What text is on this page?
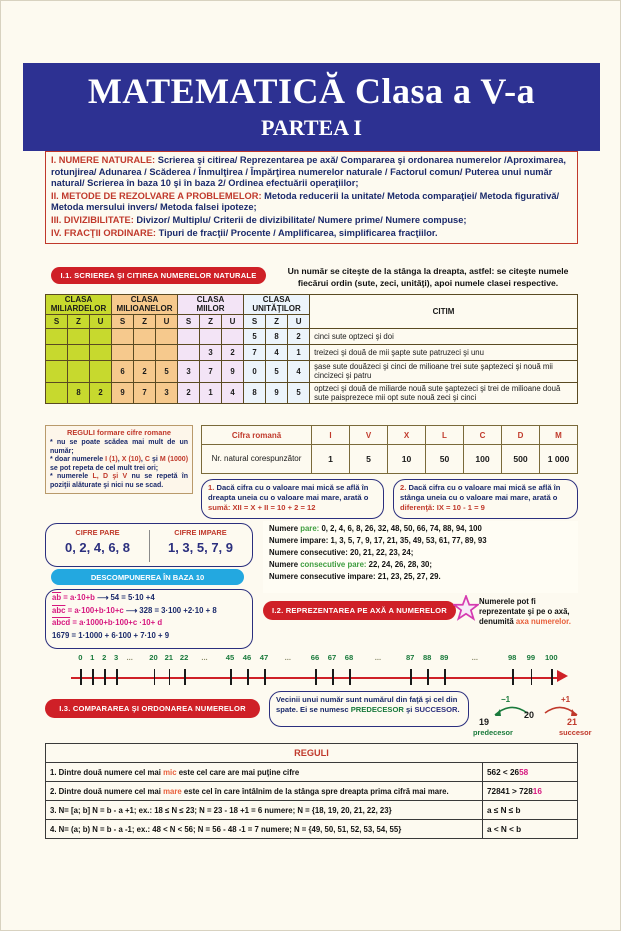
MATEMATICĂ Clasa a V-a
PARTEA I

I. NUMERE NATURALE: Scrierea şi citirea/ Reprezentarea pe axă/ Compararea şi ordonarea numerelor /Aproximarea, rotunjirea/ Adunarea / Scăderea / Înmulţirea / Împărţirea numerelor naturale / Factorul comun/ Puterea unui număr natural/ Scrierea în baza 10 şi în baza 2/ Ordinea efectuării operaţiilor;

II. METODE DE REZOLVARE A PROBLEMELOR: Metoda reducerii la unitate/ Metoda comparaţiei/ Metoda figurativă/ Metoda mersului invers/ Metoda falsei ipoteze;

III. DIVIZIBILITATE: Divizor/ Multiplu/ Criterii de divizibilitate/ Numere prime/ Numere compuse;

IV. FRACŢII ORDINARE: Tipuri de fracţii/ Procente / Amplificarea, simplificarea fracţiilor.

I.1. SCRIEREA ŞI CITIREA NUMERELOR NATURALE	Un număr se citeşte de la stânga la dreapta, astfel: se citeşte numele fiecărui ordin (sute, zeci, unităţi), apoi numele clasei respective.
CLASA
MILIARDELOR			CLASA
MILIOANELOR			CLASA
MIILOR			CLASA
UNITĂŢILOR			CITIM
S	Z	U	S	Z	U	S	Z	U	S	Z	U	
									5	8	2	cinci sute optzeci şi doi
							3	2	7	4	1	treizeci şi două de mii şapte sute patruzeci şi unu
			6	2	5	3	7	9	0	5	4	şase sute douăzeci şi cinci de milioane trei sute şaptezeci şi nouă mii cincizeci şi patru
	8	2	9	7	3	2	1	4	8	9	5	optzeci şi două de miliarde nouă sute şaptezeci şi trei de milioane două sute paisprezece mii opt sute nouă zeci şi cinci
REGULI formare cifre romane

* nu se poate scădea mai mult de un număr;

* doar numerele I (1), X (10), C şi M (1000) se pot repeta de cel mult trei ori;

* numerele L, D şi V nu se repetă în poziţii alăturate şi nici nu se scad.

Cifra romană	I	V	X	L	C	D	M
Nr. natural corespunzător	1	5	10	50	100	500	1 000
1. Dacă cifra cu o valoare mai mică se află în dreapta uneia cu o valoare mai mare, arată o sumă: XII = X + II = 10 + 2 = 12
2. Dacă cifra cu o valoare mai mică se află în stânga uneia cu o valoare mai mare, arată o diferenţă: IX = 10 - 1 = 9
CIFRE PARE
0, 2, 4, 6, 8
CIFRE IMPARE
1, 3, 5, 7, 9

Numere pare: 0, 2, 4, 6, 8, 26, 32, 48, 50, 66, 74, 88, 94, 100

Numere impare: 1, 3, 5, 7, 9, 17, 21, 35, 49, 53, 61, 77, 89, 93

Numere consecutive: 20, 21, 22, 23, 24;

Numere consecutive pare: 22, 24, 26, 28, 30;

Numere consecutive impare: 21, 23, 25, 27, 29.

DESCOMPUNEREA ÎN BAZA 10

$\overline{ab} = a\cdot 10+b$ ⟶ 54 = 5·10 +4

$\overline{abc} = a\cdot 100+b\cdot 10+c$ ⟶ 328 = 3·100 +2·10 + 8

abcd = a·1000+b·100+c ·10+ d

1679 = 1·1000 + 6·100 + 7·10 + 9

I.2. REPREZENTAREA PE AXĂ A NUMERELOR
Numerele pot fi reprezentate şi pe o axă, denumită axa numerelor.
0 1 2 3 ... 20 21 22 ... 45 46 47 ...	66 67 68	...	87 88 89	...	98 99 100
I.3. COMPARAREA ŞI ORDONAREA NUMERELOR
Vecinii unui număr sunt numărul din faţă şi cel din spate. Ei se numesc PREDECESOR şi SUCCESOR.
−1	+1
19
20
21
predecesor	succesor
REGULI	
1. Dintre două numere cel mai mic este cel care are mai puţine cifre	562 < 2658
2. Dintre două numere cel mai mare este cel în care întâlnim de la stânga spre dreapta prima cifră mai mare.	72841 > 72816
3. N= [a; b] N = b - a +1; ex.: 18 ≤ N ≤ 23; N = 23 - 18 +1 = 6 numere; N = {18, 19, 20, 21, 22, 23}	a ≤ N ≤ b
4. N= (a; b) N = b - a -1; ex.: 48 < N < 56; N = 56 - 48 -1 = 7 numere; N = {49, 50, 51, 52, 53, 54, 55}	a < N < b
